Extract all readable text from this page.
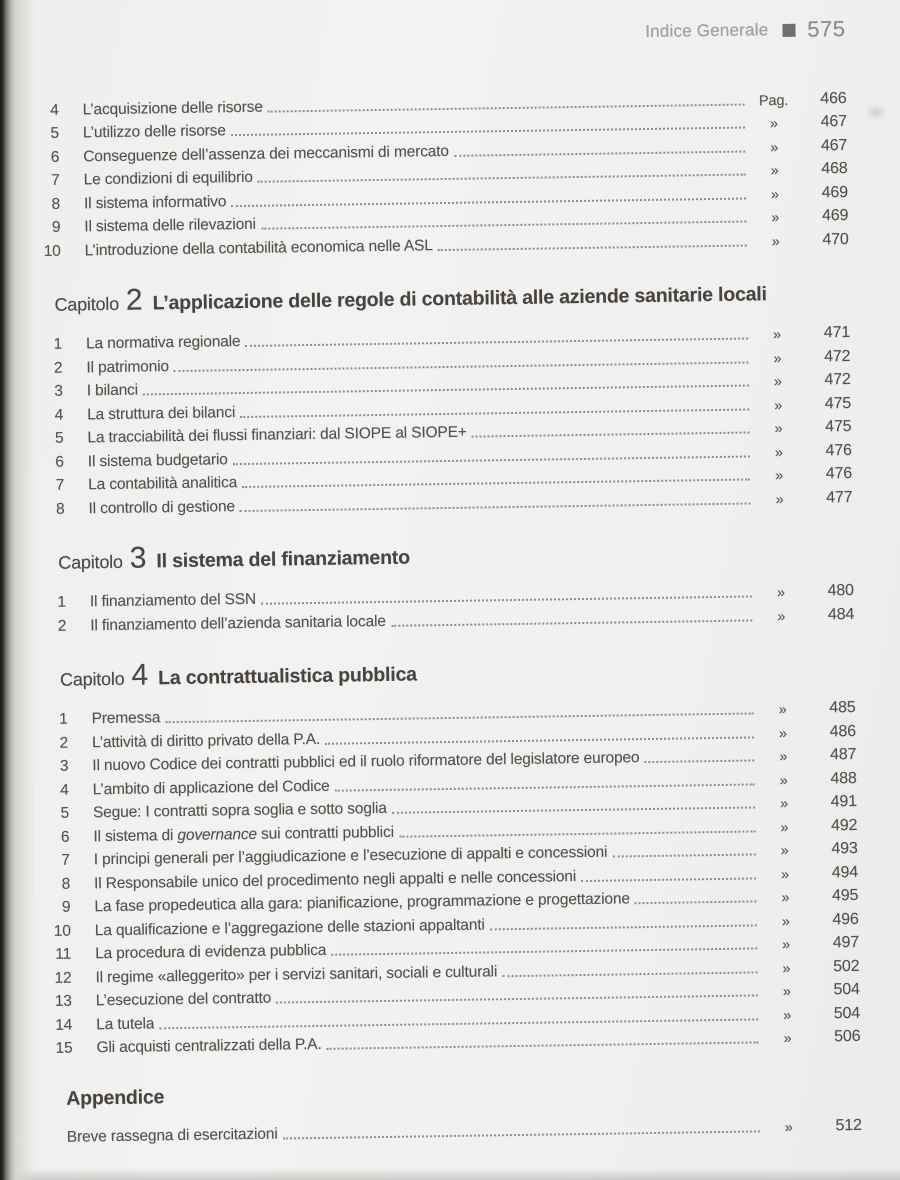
Indice Generale 575
4 L’acquisizione delle risorse	Pag.	466
5 L’utilizzo delle risorse	»	467
6 Conseguenze dell’assenza dei meccanismi di mercato	»	467
7 Le condizioni di equilibrio	»	468
8 Il sistema informativo	»	469
9 Il sistema delle rilevazioni	»	469
10 L’introduzione della contabilità economica nelle ASL	»	470
Capitolo 2 L’applicazione delle regole di contabilità alle aziende sanitarie locali
1 La normativa regionale	»	471
2 Il patrimonio	»	472
3 I bilanci	»	472
4 La struttura dei bilanci	»	475
5 La tracciabilità dei flussi finanziari: dal SIOPE al SIOPE+	»	475
6 Il sistema budgetario	»	476
7 La contabilità analitica	»	476
8 Il controllo di gestione	»	477
Capitolo 3 Il sistema del finanziamento
1 Il finanziamento del SSN	»	480
2 Il finanziamento dell’azienda sanitaria locale	»	484
Capitolo 4 La contrattualistica pubblica
1 Premessa	»	485
2 L’attività di diritto privato della P.A.	»	486
3 Il nuovo Codice dei contratti pubblici ed il ruolo riformatore del legislatore europeo	»	487
4 L’ambito di applicazione del Codice	»	488
5 Segue: I contratti sopra soglia e sotto soglia	»	491
6 Il sistema di governance sui contratti pubblici	»	492
7 I principi generali per l’aggiudicazione e l’esecuzione di appalti e concessioni	»	493
8 Il Responsabile unico del procedimento negli appalti e nelle concessioni	»	494
9 La fase propedeutica alla gara: pianificazione, programmazione e progettazione	»	495
10 La qualificazione e l’aggregazione delle stazioni appaltanti	»	496
11 La procedura di evidenza pubblica	»	497
12 Il regime «alleggerito» per i servizi sanitari, sociali e culturali	»	502
13 L’esecuzione del contratto	»	504
14 La tutela	»	504
15 Gli acquisti centralizzati della P.A.	»	506
Appendice
Breve rassegna di esercitazioni	»	512
